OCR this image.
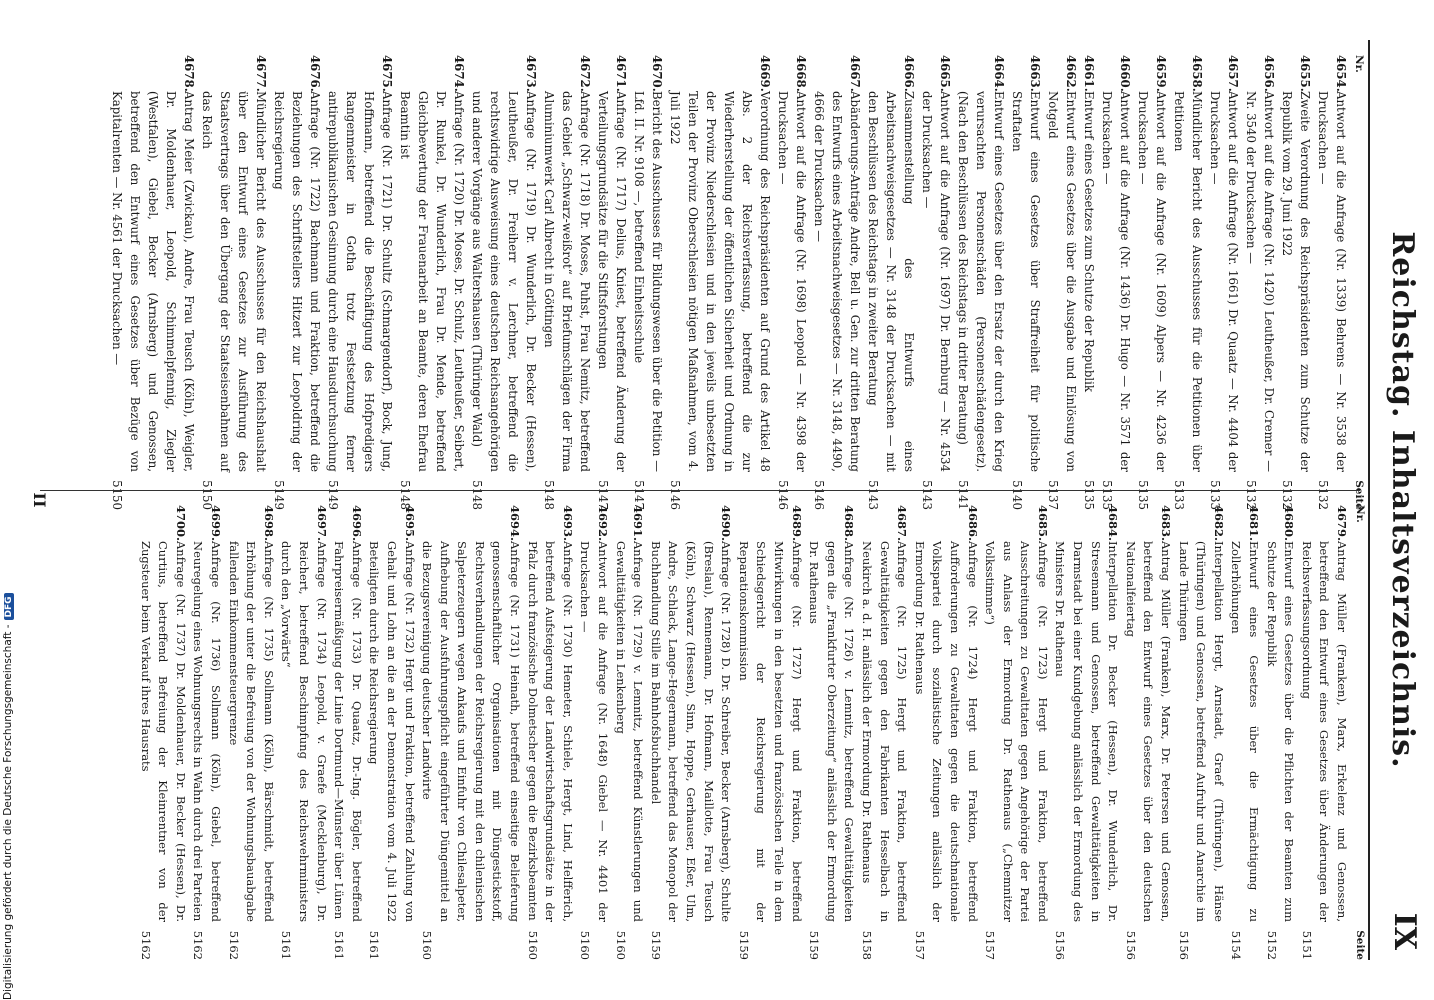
Reichstag. Inhaltsverzeichnis.
IX
Nr.
Seite
4654.
Antwort auf die Anfrage (Nr. 1339) Behrens — Nr. 3538 der Drucksachen —
5132
4655.
Zweite Verordnung des Reichspräsidenten zum Schutze der Republik vom 29. Juni 1922
5132
4656.
Antwort auf die Anfrage (Nr. 1420) Leutheußer, Dr. Cremer — Nr. 3540 der Drucksachen —
5132
4657.
Antwort auf die Anfrage (Nr. 1661) Dr. Quaatz — Nr. 4404 der Drucksachen —
5133
4658.
Mündlicher Bericht des Ausschusses für die Petitionen über Petitionen
5133
4659.
Antwort auf die Anfrage (Nr. 1609) Alpers — Nr. 4236 der Drucksachen —
5135
4660.
Antwort auf die Anfrage (Nr. 1436) Dr. Hugo — Nr. 3571 der Drucksachen —
5135
4661.
Entwurf eines Gesetzes zum Schutze der Republik
5135
4662.
Entwurf eines Gesetzes über die Ausgabe und Einlösung von Notgeld
5137
4663.
Entwurf eines Gesetzes über Straffreiheit für politische Straftaten
5140
4664.
Entwurf eines Gesetzes über den Ersatz der durch den Krieg verursachten Personenschäden (Personenschädengesetz). (Nach den Beschlüssen des Reichstags in dritter Beratung)
5141
4665.
Antwort auf die Anfrage (Nr. 1697) Dr. Bernburg — Nr. 4534 der Drucksachen —
5143
4666.
Zusammenstellung des Entwurfs eines Arbeitsnachweisgesetzes — Nr. 3148 der Drucksachen — mit den Beschlüssen des Reichstags in zweiter Beratung
5143
4667.
Abänderungs-Anträge Andre, Bell u. Gen. zur dritten Beratung des Entwurfs eines Arbeitsnachweisgesetzes — Nr. 3148, 4490, 4666 der Drucksachen —
5146
4668.
Antwort auf die Anfrage (Nr. 1698) Leopold — Nr. 4398 der Drucksachen —
5146
4669.
Verordnung des Reichspräsidenten auf Grund des Artikel 48 Abs. 2 der Reichsverfassung, betreffend die zur Wiederherstellung der öffentlichen Sicherheit und Ordnung in der Provinz Niederschlesien und in den jeweils unbesetzten Teilen der Provinz Oberschlesien nötigen Maßnahmen, vom 4. Juli 1922
5146
4670.
Bericht des Ausschusses für Bildungswesen über die Petition — Lfd. II. Nr. 9108 —, betreffend Einheitsschule
5147
4671.
Anfrage (Nr. 1717) Delius, Kniest, betreffend Änderung der Verteilungsgrundsätze für die Stiftsforstungen
5147
4672.
Anfrage (Nr. 1718) Dr. Moses, Puhst, Frau Nemitz, betreffend das Gebiet „Schwarz-weißrot“ auf Briefumschlägen der Firma Aluminiumwerk Carl Albrecht in Göttingen
5148
4673.
Anfrage (Nr. 1719) Dr. Wunderlich, Dr. Becker (Hessen), Leutheußer, Dr. Freiherr v. Lerchner, betreffend die rechtswidrige Ausweisung eines deutschen Reichsangehörigen und anderer Vorgänge aus Waltershausen (Thüringer Wald)
5148
4674.
Anfrage (Nr. 1720) Dr. Moses, Dr. Schulz, Leutheußer, Seibert, Dr. Runkel, Dr. Wunderlich, Frau Dr. Mende, betreffend Gleichbewertung der Frauenarbeit an Beamte, deren Ehefrau Beamtin ist
5148
4675.
Anfrage (Nr. 1721) Dr. Schultz (Schmargendorf), Bock, Jung, Hoffmann, betreffend die Beschäftigung des Hofpredigers Rangenmeister in Gotha trotz Festsetzung ferner antirepublikanischen Gesinnung durch eine Hausdurchsuchung
5149
4676.
Anfrage (Nr. 1722) Bachmann und Fraktion, betreffend die Beziehungen des Schriftstellers Hitzert zur Leopoldring der Reichsregierung
5149
4677.
Mündlicher Bericht des Ausschusses für den Reichshaushalt über den Entwurf eines Gesetzes zur Ausführung des Staatsvertrags über den Übergang der Staatseisenbahnen auf das Reich
5150
4678.
Antrag Meier (Zwickau), Andre, Frau Teusch (Köln), Weigler, Dr. Moldenhauer, Leopold, Schimmelpfennig, Ziegler (Westfalen), Giebel, Becker (Arnsberg) und Genossen, betreffend den Entwurf eines Gesetzes über Bezüge von Kapitalrenten — Nr. 4561 der Drucksachen —
5150
Nr.
Seite
4679.
Antrag Müller (Franken), Marx, Erkelenz und Genossen, betreffend den Entwurf eines Gesetzes über Änderungen der Reichsverfassungsordnung
5151
4680.
Entwurf eines Gesetzes über die Pflichten der Beamten zum Schutze der Republik
5152
4681.
Entwurf eines Gesetzes über die Ermächtigung zu Zollerhöhungen
5154
4682.
Interpellation Hergt, Arnstadt, Graef (Thüringen), Hänse (Thüringen) und Genossen, betreffend Aufruhr und Anarchie im Lande Thüringen
5156
4683.
Antrag Müller (Franken), Marx, Dr. Petersen und Genossen, betreffend den Entwurf eines Gesetzes über den deutschen Nationalfeiertag
5156
4684.
Interpellation Dr. Becker (Hessen), Dr. Wunderlich, Dr. Stresemann und Genossen, betreffend Gewalttätigkeiten in Darmstadt bei einer Kundgebung anlässlich der Ermordung des Ministers Dr. Rathenau
5156
4685.
Anfrage (Nr. 1723) Hergt und Fraktion, betreffend Ausschreitungen zu Gewalttaten gegen Angehörige der Partei aus Anlass der Ermordung Dr. Rathenaus („Chemnitzer Volksstimme“)
5157
4686.
Anfrage (Nr. 1724) Hergt und Fraktion, betreffend Aufforderungen zu Gewalttaten gegen die deutschnationale Volkspartei durch sozialistische Zeitungen anlässlich der Ermordung Dr. Rathenaus
5157
4687.
Anfrage (Nr. 1725) Hergt und Fraktion, betreffend Gewalttätigkeiten gegen den Fabrikanten Hesselbach in Neukirch a. d. H. anlässlich der Ermordung Dr. Rathenaus
5158
4688.
Anfrage (Nr. 1726) v. Lemnitz, betreffend Gewalttätigkeiten gegen die „Frankfurter Oberzeitung“ anlässlich der Ermordung Dr. Rathenaus
5159
4689.
Anfrage (Nr. 1727) Hergt und Fraktion, betreffend Mitwirkungen in den besetzten und französischen Teile in dem Schiedsgericht der Reichsregierung mit der Reparationskommission
5159
4690.
Anfrage (Nr. 1728) D. Dr. Schreiber, Becker (Arnsberg), Schulte (Breslau), Rennemann, Dr. Hofmann, Maillotte, Frau Teusch (Köln), Schwarz (Hessen), Sinn, Hoppe, Gerhauser, Eßer, Ulm, Andre, Schlack, Lange-Hegermann, betreffend das Monopol der Buchhandlung Stille im Bahnhofsbuchhandel
5159
4691.
Anfrage (Nr. 1729) v. Lemnitz, betreffend Künstlerungen und Gewalttätigkeiten in Lenkenberg
5160
4692.
Antwort auf die Anfrage (Nr. 1648) Giebel — Nr. 4401 der Drucksachen —
5160
4693.
Anfrage (Nr. 1730) Hemeter, Schiele, Hergt, Lind, Helfferich, betreffend Aufsteigerung der Landwirtschaftsgrundsätze in der Pfalz durch französische Dolmetscher gegen die Bezirksbeamten
5160
4694.
Anfrage (Nr. 1731) Heinath, betreffend einseitige Belieferung genossenschaftlicher Organisationen mit Düngestickstoff, Rechtsverhandlungen der Reichsregierung mit den chilenischen Salpeterzeugern wegen Ankaufs und Einfuhr von Chilesalpeter, Aufhebung der Ausfuhrungspflicht eingeführter Düngemittel an die Bezugsvereinigung deutscher Landwirte
5160
4695.
Anfrage (Nr. 1732) Hergt und Fraktion, betreffend Zahlung von Gehalt und Lohn an die an der Demonstration vom 4. Juli 1922 Beteiligten durch die Reichsregierung
5161
4696.
Anfrage (Nr. 1733) Dr. Quaatz, Dr.-Ing. Bögler, betreffend Fahrpreisermäßigung der Linie Dortmund—Münster über Lünen
5161
4697.
Anfrage (Nr. 1734) Leopold, v. Graefe (Mecklenburg), Dr. Reichert, betreffend Beschimpfung des Reichswehrministers durch den „Vorwärts“
5161
4698.
Anfrage (Nr. 1735) Sollmann (Köln), Bärschmidt, betreffend Erhöhung der unter die Befreiung von der Wohnungsbauabgabe fallenden Einkommensteuergrenze
5162
4699.
Anfrage (Nr. 1736) Sollmann (Köln), Giebel, betreffend Neuregelung eines Wohnungsrechts in Wahn durch drei Parteien
5162
4700.
Anfrage (Nr. 1737) Dr. Moldenhauer, Dr. Becker (Hessen), Dr. Curtius, betreffend Befreiung der Kleinrentner von der Zugsteuer beim Verkauf ihres Hausrats
5162
II
Digitalisierung gefördert durch die Deutsche Forschungsgemeinschaft -DFG
